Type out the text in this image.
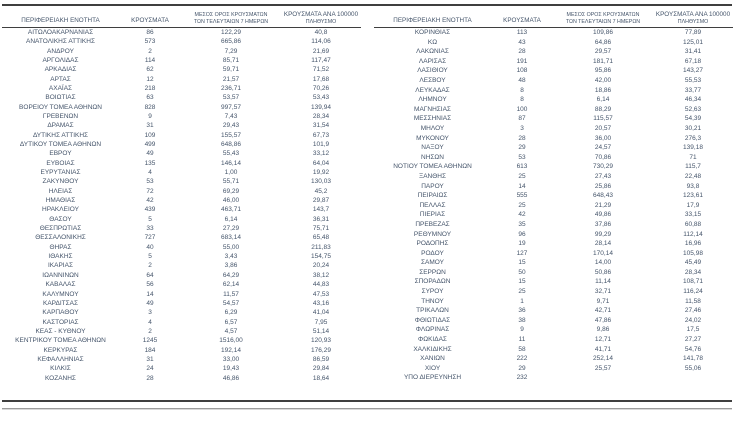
ΠΕΡΙΦΕΡΕΙΑΚΗ ΕΝΟΤΗΤΑ	ΚΡΟΥΣΜΑΤΑ	ΜΕΣΟΣ ΟΡΟΣ ΚΡΟΥΣΜΑΤΩΝ
ΤΩΝ ΤΕΛΕΥΤΑΙΩΝ 7 ΗΜΕΡΩΝ	ΚΡΟΥΣΜΑΤΑ ΑΝΑ 100000
ΠΛΗΘΥΣΜΟ

ΑΙΤΩΛΟΑΚΑΡΝΑΝΙΑΣ	86	122,29	40,8
ΑΝΑΤΟΛΙΚΗΣ ΑΤΤΙΚΗΣ	573	665,86	114,06
ΑΝΔΡΟΥ	2	7,29	21,69
ΑΡΓΟΛΙΔΑΣ	114	85,71	117,47
ΑΡΚΑΔΙΑΣ	62	59,71	71,52
ΑΡΤΑΣ	12	21,57	17,68
ΑΧΑΪΑΣ	218	236,71	70,26
ΒΟΙΩΤΙΑΣ	63	53,57	53,43
ΒΟΡΕΙΟΥ ΤΟΜΕΑ ΑΘΗΝΩΝ	828	997,57	139,94
ΓΡΕΒΕΝΩΝ	9	7,43	28,34
ΔΡΑΜΑΣ	31	29,43	31,54
ΔΥΤΙΚΗΣ ΑΤΤΙΚΗΣ	109	155,57	67,73
ΔΥΤΙΚΟΥ ΤΟΜΕΑ ΑΘΗΝΩΝ	499	648,86	101,9
ΕΒΡΟΥ	49	55,43	33,12
ΕΥΒΟΙΑΣ	135	146,14	64,04
ΕΥΡΥΤΑΝΙΑΣ	4	1,00	19,92
ΖΑΚΥΝΘΟΥ	53	55,71	130,03
ΗΛΕΙΑΣ	72	69,29	45,2
ΗΜΑΘΙΑΣ	42	46,00	29,87
ΗΡΑΚΛΕΙΟΥ	439	463,71	143,7
ΘΑΣΟΥ	5	6,14	36,31
ΘΕΣΠΡΩΤΙΑΣ	33	27,29	75,71
ΘΕΣΣΑΛΟΝΙΚΗΣ	727	683,14	65,48
ΘΗΡΑΣ	40	55,00	211,83
ΙΘΑΚΗΣ	5	3,43	154,75
ΙΚΑΡΙΑΣ	2	3,86	20,24
ΙΩΑΝΝΙΝΩΝ	64	64,29	38,12
ΚΑΒΑΛΑΣ	56	62,14	44,83
ΚΑΛΥΜΝΟΥ	14	11,57	47,53
ΚΑΡΔΙΤΣΑΣ	49	54,57	43,16
ΚΑΡΠΑΘΟΥ	3	6,29	41,04
ΚΑΣΤΟΡΙΑΣ	4	6,57	7,95
ΚΕΑΣ - ΚΥΘΝΟΥ	2	4,57	51,14
ΚΕΝΤΡΙΚΟΥ ΤΟΜΕΑ ΑΘΗΝΩΝ	1245	1516,00	120,93
ΚΕΡΚΥΡΑΣ	184	192,14	176,29
ΚΕΦΑΛΛΗΝΙΑΣ	31	33,00	86,59
ΚΙΛΚΙΣ	24	19,43	29,84
ΚΟΖΑΝΗΣ	28	46,86	18,64
ΠΕΡΙΦΕΡΕΙΑΚΗ ΕΝΟΤΗΤΑ	ΚΡΟΥΣΜΑΤΑ	ΜΕΣΟΣ ΟΡΟΣ ΚΡΟΥΣΜΑΤΩΝ
ΤΩΝ ΤΕΛΕΥΤΑΙΩΝ 7 ΗΜΕΡΩΝ	ΚΡΟΥΣΜΑΤΑ ΑΝΑ 100000
ΠΛΗΘΥΣΜΟ

ΚΟΡΙΝΘΙΑΣ	113	109,86	77,89
ΚΩ	43	64,86	125,01
ΛΑΚΩΝΙΑΣ	28	29,57	31,41
ΛΑΡΙΣΑΣ	191	181,71	67,18
ΛΑΣΙΘΙΟΥ	108	95,86	143,27
ΛΕΣΒΟΥ	48	42,00	55,53
ΛΕΥΚΑΔΑΣ	8	18,86	33,77
ΛΗΜΝΟΥ	8	6,14	46,34
ΜΑΓΝΗΣΙΑΣ	100	88,29	52,63
ΜΕΣΣΗΝΙΑΣ	87	115,57	54,39
ΜΗΛΟΥ	3	20,57	30,21
ΜΥΚΟΝΟΥ	28	36,00	276,3
ΝΑΞΟΥ	29	24,57	139,18
ΝΗΣΩΝ	53	70,86	71
ΝΟΤΙΟΥ ΤΟΜΕΑ ΑΘΗΝΩΝ	613	730,29	115,7
ΞΑΝΘΗΣ	25	27,43	22,48
ΠΑΡΟΥ	14	25,86	93,8
ΠΕΙΡΑΙΩΣ	555	648,43	123,61
ΠΕΛΛΑΣ	25	21,29	17,9
ΠΙΕΡΙΑΣ	42	49,86	33,15
ΠΡΕΒΕΖΑΣ	35	37,86	60,88
ΡΕΘΥΜΝΟΥ	96	99,29	112,14
ΡΟΔΟΠΗΣ	19	28,14	16,96
ΡΟΔΟΥ	127	170,14	105,98
ΣΑΜΟΥ	15	14,00	45,49
ΣΕΡΡΩΝ	50	50,86	28,34
ΣΠΟΡΑΔΩΝ	15	11,14	108,71
ΣΥΡΟΥ	25	32,71	116,24
ΤΗΝΟΥ	1	9,71	11,58
ΤΡΙΚΑΛΩΝ	36	42,71	27,46
ΦΘΙΩΤΙΔΑΣ	38	47,86	24,02
ΦΛΩΡΙΝΑΣ	9	9,86	17,5
ΦΩΚΙΔΑΣ	11	12,71	27,27
ΧΑΛΚΙΔΙΚΗΣ	58	41,71	54,76
ΧΑΝΙΩΝ	222	252,14	141,78
ΧΙΟΥ	29	25,57	55,06
ΥΠΟ ΔΙΕΡΕΥΝΗΣΗ	232		
